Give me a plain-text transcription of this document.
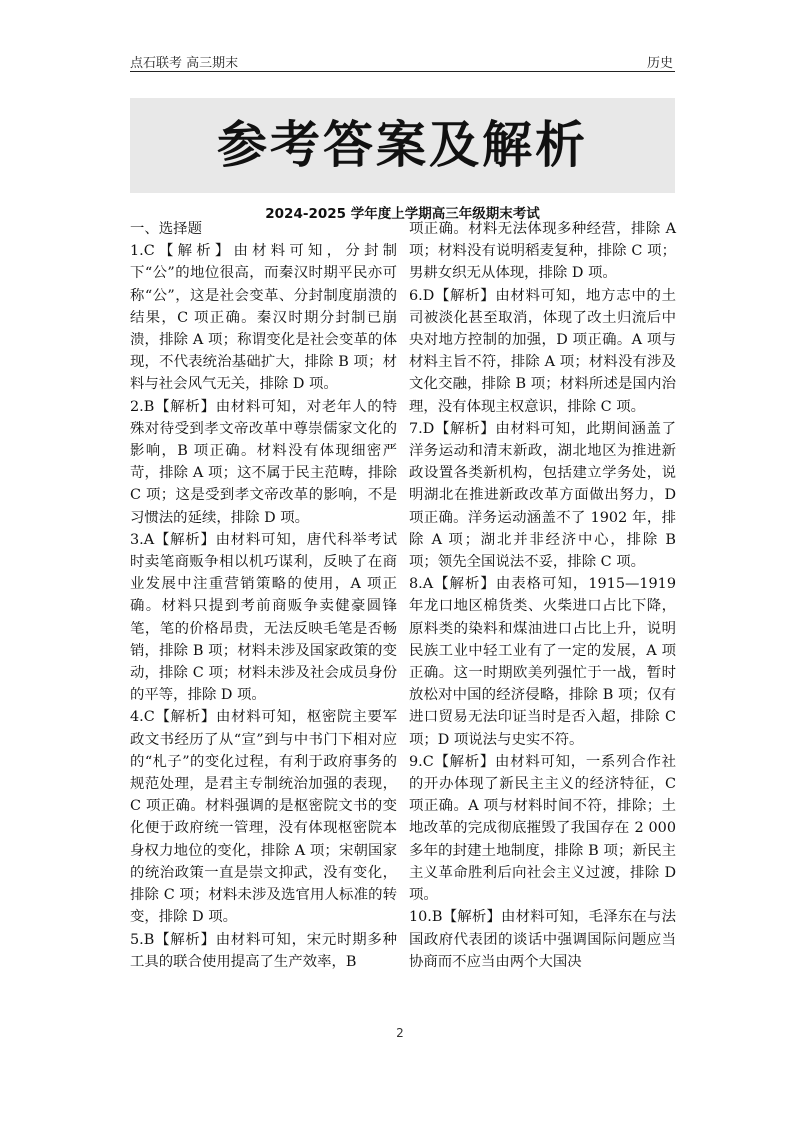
点石联考 高三期末	历史
参考答案及解析
2024-2025 学年度上学期高三年级期末考试

一、选择题

1.C【解析】由材料可知，分封制下“公”的地位很高，而秦汉时期平民亦可称“公”，这是社会变革、分封制度崩溃的结果，C 项正确。秦汉时期分封制已崩溃，排除 A 项；称谓变化是社会变革的体现，不代表统治基础扩大，排除 B 项；材料与社会风气无关，排除 D 项。

2.B【解析】由材料可知，对老年人的特殊对待受到孝文帝改革中尊崇儒家文化的影响，B 项正确。材料没有体现细密严苛，排除 A 项；这不属于民主范畴，排除 C 项；这是受到孝文帝改革的影响，不是习惯法的延续，排除 D 项。

3.A【解析】由材料可知，唐代科举考试时卖笔商贩争相以机巧谋利，反映了在商业发展中注重营销策略的使用，A 项正确。材料只提到考前商贩争卖健豪圆锋笔，笔的价格昂贵，无法反映毛笔是否畅销，排除 B 项；材料未涉及国家政策的变动，排除 C 项；材料未涉及社会成员身份的平等，排除 D 项。

4.C【解析】由材料可知，枢密院主要军政文书经历了从“宣”到与中书门下相对应的“札子”的变化过程，有利于政府事务的规范处理，是君主专制统治加强的表现，C 项正确。材料强调的是枢密院文书的变化便于政府统一管理，没有体现枢密院本身权力地位的变化，排除 A 项；宋朝国家的统治政策一直是崇文抑武，没有变化，排除 C 项；材料未涉及选官用人标准的转变，排除 D 项。

5.B【解析】由材料可知，宋元时期多种工具的联合使用提高了生产效率，B

项正确。材料无法体现多种经营，排除 A 项；材料没有说明稻麦复种，排除 C 项；男耕女织无从体现，排除 D 项。

6.D【解析】由材料可知，地方志中的土司被淡化甚至取消，体现了改土归流后中央对地方控制的加强，D 项正确。A 项与材料主旨不符，排除 A 项；材料没有涉及文化交融，排除 B 项；材料所述是国内治理，没有体现主权意识，排除 C 项。

7.D【解析】由材料可知，此期间涵盖了洋务运动和清末新政，湖北地区为推进新政设置各类新机构，包括建立学务处，说明湖北在推进新政改革方面做出努力，D 项正确。洋务运动涵盖不了 1902 年，排除 A 项；湖北并非经济中心，排除 B 项；领先全国说法不妥，排除 C 项。

8.A【解析】由表格可知，1915—1919 年龙口地区棉货类、火柴进口占比下降，原料类的染料和煤油进口占比上升，说明民族工业中轻工业有了一定的发展，A 项正确。这一时期欧美列强忙于一战，暂时放松对中国的经济侵略，排除 B 项；仅有进口贸易无法印证当时是否入超，排除 C 项；D 项说法与史实不符。

9.C【解析】由材料可知，一系列合作社的开办体现了新民主主义的经济特征，C 项正确。A 项与材料时间不符，排除；土地改革的完成彻底摧毁了我国存在 2 000 多年的封建土地制度，排除 B 项；新民主主义革命胜利后向社会主义过渡，排除 D 项。

10.B【解析】由材料可知，毛泽东在与法国政府代表团的谈话中强调国际问题应当协商而不应当由两个大国决

2
